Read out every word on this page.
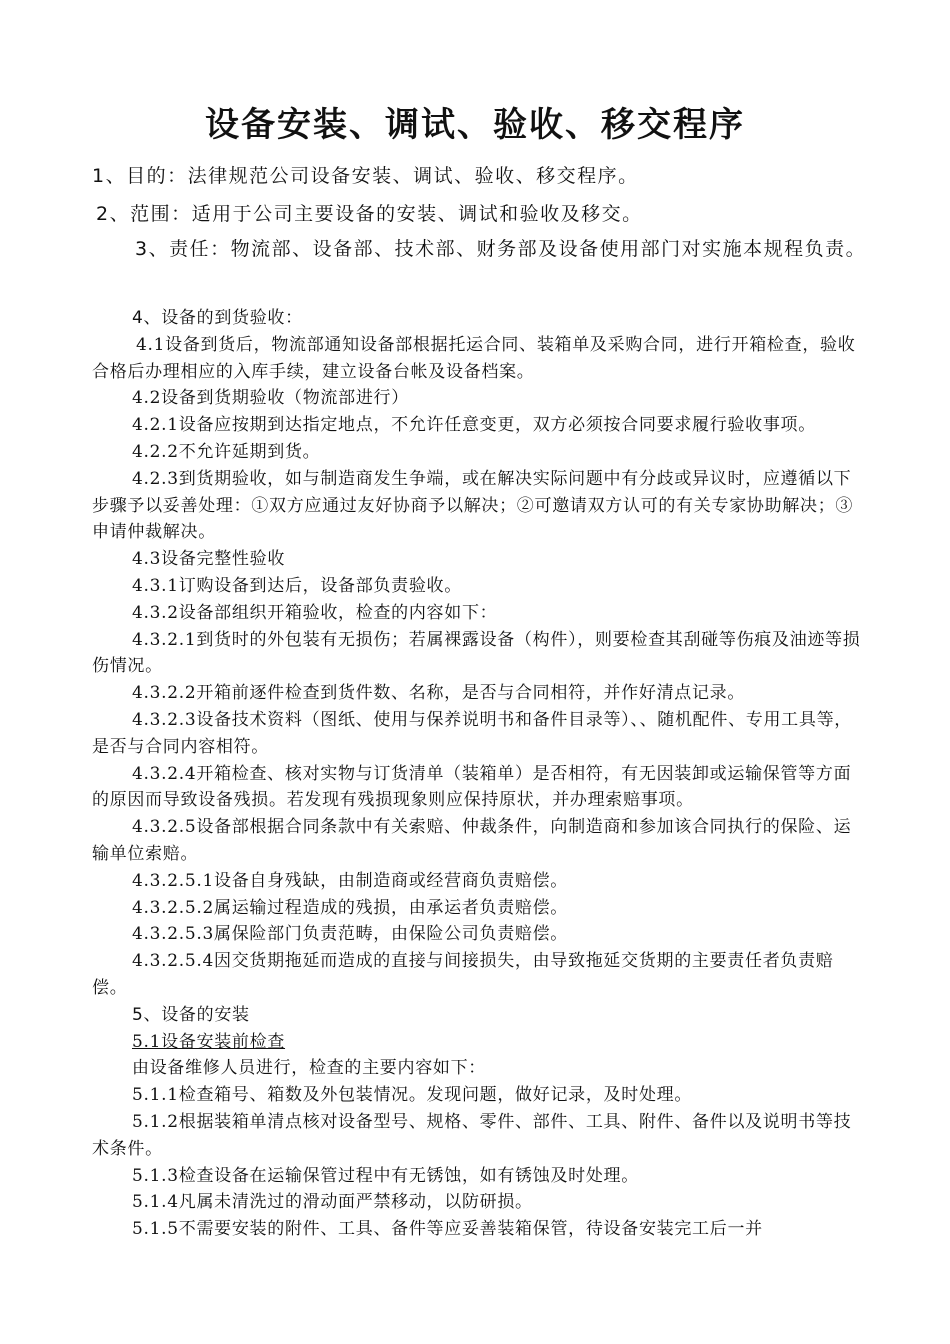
设备安装、调试、验收、移交程序
1、目的：法律规范公司设备安装、调试、验收、移交程序。
2、范围：适用于公司主要设备的安装、调试和验收及移交。
3、责任：物流部、设备部、技术部、财务部及设备使用部门对实施本规程负责。

4、设备的到货验收：

4.1设备到货后，物流部通知设备部根据托运合同、装箱单及采购合同，进行开箱检查，验收合格后办理相应的入库手续，建立设备台帐及设备档案。

4.2设备到货期验收（物流部进行）

4.2.1设备应按期到达指定地点，不允许任意变更，双方必须按合同要求履行验收事项。

4.2.2不允许延期到货。

4.2.3到货期验收，如与制造商发生争端，或在解决实际问题中有分歧或异议时，应遵循以下步骤予以妥善处理：①双方应通过友好协商予以解决；②可邀请双方认可的有关专家协助解决；③申请仲裁解决。

4.3设备完整性验收

4.3.1订购设备到达后，设备部负责验收。

4.3.2设备部组织开箱验收，检查的内容如下：

4.3.2.1到货时的外包装有无损伤；若属裸露设备（构件），则要检查其刮碰等伤痕及油迹等损伤情况。

4.3.2.2开箱前逐件检查到货件数、名称，是否与合同相符，并作好清点记录。

4.3.2.3设备技术资料（图纸、使用与保养说明书和备件目录等）、、随机配件、专用工具等，是否与合同内容相符。

4.3.2.4开箱检查、核对实物与订货清单（装箱单）是否相符，有无因装卸或运输保管等方面的原因而导致设备残损。若发现有残损现象则应保持原状，并办理索赔事项。

4.3.2.5设备部根据合同条款中有关索赔、仲裁条件，向制造商和参加该合同执行的保险、运输单位索赔。

4.3.2.5.1设备自身残缺，由制造商或经营商负责赔偿。

4.3.2.5.2属运输过程造成的残损，由承运者负责赔偿。

4.3.2.5.3属保险部门负责范畴，由保险公司负责赔偿。

4.3.2.5.4因交货期拖延而造成的直接与间接损失，由导致拖延交货期的主要责任者负责赔偿。

5、设备的安装

5.1设备安装前检查

由设备维修人员进行，检查的主要内容如下：

5.1.1检查箱号、箱数及外包装情况。发现问题，做好记录，及时处理。

5.1.2根据装箱单清点核对设备型号、规格、零件、部件、工具、附件、备件以及说明书等技术条件。

5.1.3检查设备在运输保管过程中有无锈蚀，如有锈蚀及时处理。

5.1.4凡属未清洗过的滑动面严禁移动，以防研损。

5.1.5不需要安装的附件、工具、备件等应妥善装箱保管，待设备安装完工后一并
